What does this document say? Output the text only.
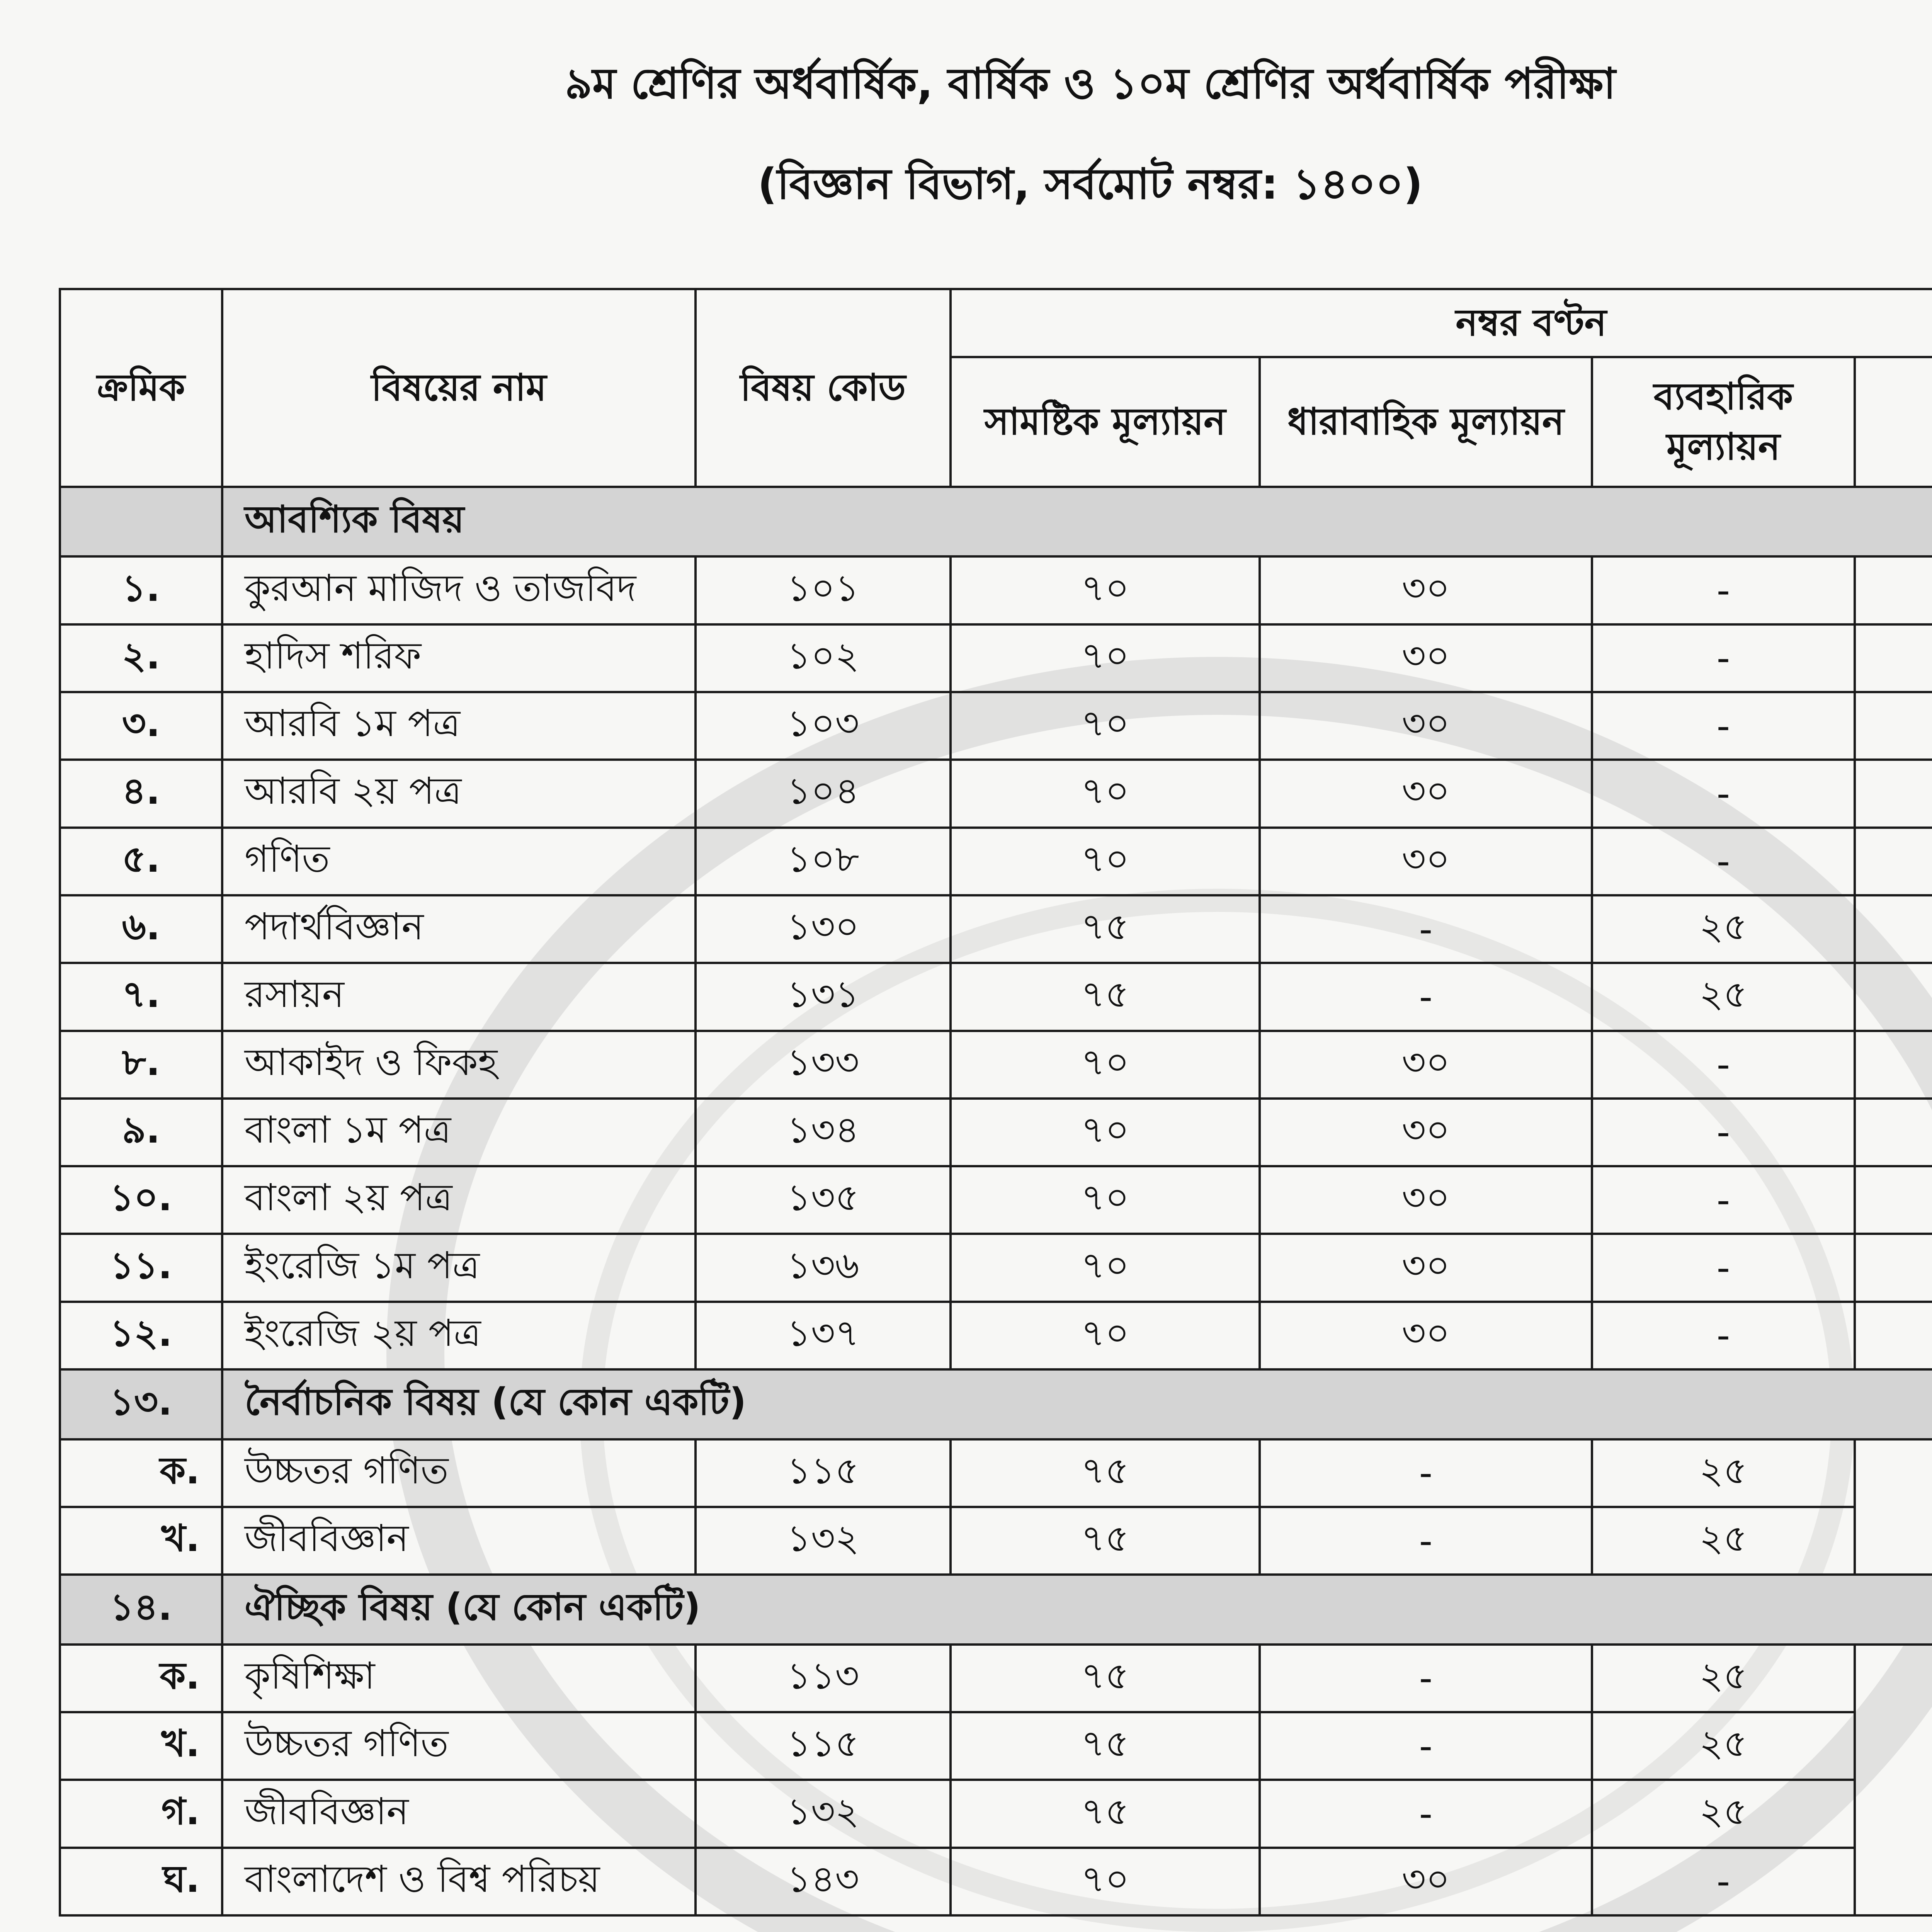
৯ম শ্রেণির অর্ধবার্ষিক, বার্ষিক ও ১০ম শ্রেণির অর্ধবার্ষিক পরীক্ষা
(বিজ্ঞান বিভাগ, সর্বমোট নম্বর: ১৪০০)
ক্রমিক	বিষয়ের নাম	বিষয় কোড	নম্বর বণ্টন			
			সামষ্টিক মূল্যায়ন	ধারাবাহিক মূল্যায়ন	ব্যবহারিক মূল্যায়ন	
	আবশ্যিক বিষয়					
১.	কুরআন মাজিদ ও তাজবিদ	১০১	৭০	৩০	-	
২.	হাদিস শরিফ	১০২	৭০	৩০	-	
৩.	আরবি ১ম পত্র	১০৩	৭০	৩০	-	
৪.	আরবি ২য় পত্র	১০৪	৭০	৩০	-	
৫.	গণিত	১০৮	৭০	৩০	-	
৬.	পদার্থবিজ্ঞান	১৩০	৭৫	-	২৫	
৭.	রসায়ন	১৩১	৭৫	-	২৫	
৮.	আকাইদ ও ফিকহ	১৩৩	৭০	৩০	-	
৯.	বাংলা ১ম পত্র	১৩৪	৭০	৩০	-	
১০.	বাংলা ২য় পত্র	১৩৫	৭০	৩০	-	
১১.	ইংরেজি ১ম পত্র	১৩৬	৭০	৩০	-	
১২.	ইংরেজি ২য় পত্র	১৩৭	৭০	৩০	-	
১৩.	নৈর্বাচনিক বিষয় (যে কোন একটি)					
ক.	উচ্চতর গণিত	১১৫	৭৫	-	২৫	
খ.	জীববিজ্ঞান	১৩২	৭৫	-	২৫	
১৪.	ঐচ্ছিক বিষয় (যে কোন একটি)					
ক.	কৃষিশিক্ষা	১১৩	৭৫	-	২৫	
খ.	উচ্চতর গণিত	১১৫	৭৫	-	২৫	
গ.	জীববিজ্ঞান	১৩২	৭৫	-	২৫	
ঘ.	বাংলাদেশ ও বিশ্ব পরিচয়	১৪৩	৭০	৩০	-	
